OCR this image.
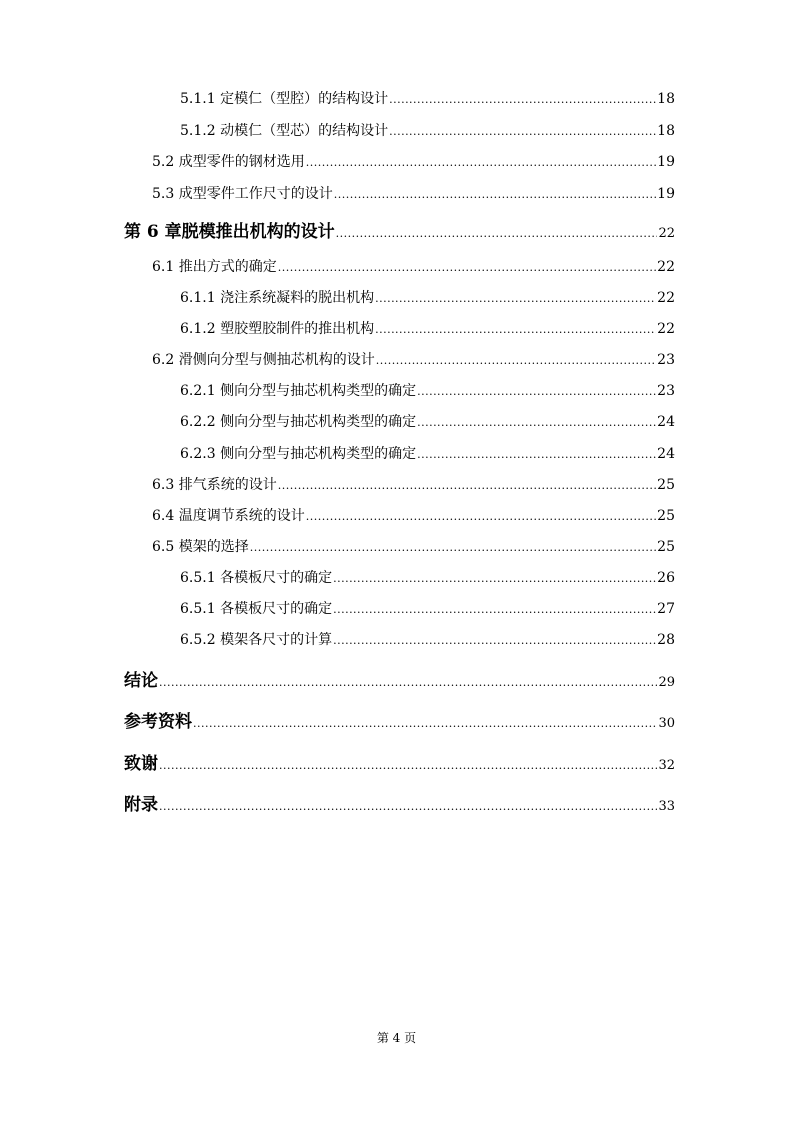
5.1.1 定模仁（型腔）的结构设计 .....	18
5.1.2 动模仁（型芯）的结构设计 .....	18
5.2 成型零件的钢材选用 .....	19
5.3 成型零件工作尺寸的设计 .....	19
第 6 章脱模推出机构的设计 .....	22
6.1 推出方式的确定 .....	22
6.1.1 浇注系统凝料的脱出机构 .....	22
6.1.2 塑胶塑胶制件的推出机构 .....	22
6.2 滑侧向分型与侧抽芯机构的设计 .....	23
6.2.1 侧向分型与抽芯机构类型的确定 .....	23
6.2.2 侧向分型与抽芯机构类型的确定 .....	24
6.2.3 侧向分型与抽芯机构类型的确定 .....	24
6.3 排气系统的设计 .....	25
6.4 温度调节系统的设计 .....	25
6.5 模架的选择 .....	25
6.5.1 各模板尺寸的确定 .....	26
6.5.1 各模板尺寸的确定 .....	27
6.5.2 模架各尺寸的计算 .....	28
结论 .....	29
参考资料 .....	30
致谢 .....	32
附录 .....	33
第 4 页
